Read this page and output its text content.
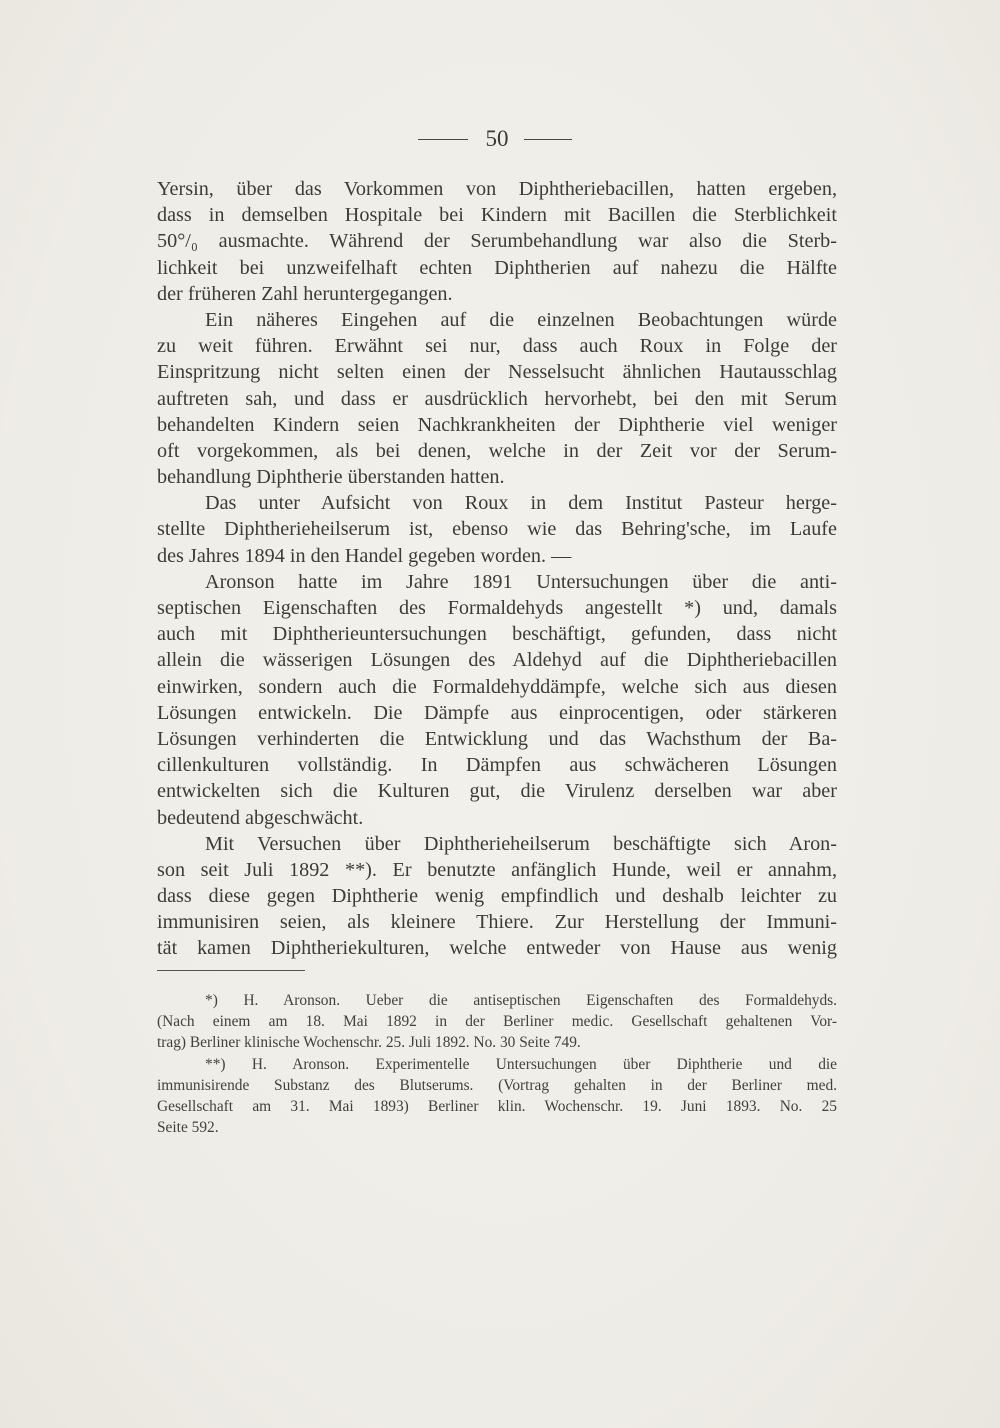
50
Yersin, über das Vorkommen von Diphtheriebacillen, hatten ergeben,
dass in demselben Hospitale bei Kindern mit Bacillen die Sterblichkeit
50°/₀ ausmachte. Während der Serumbehandlung war also die Sterb-
lichkeit bei unzweifelhaft echten Diphtherien auf nahezu die Hälfte
der früheren Zahl heruntergegangen.
Ein näheres Eingehen auf die einzelnen Beobachtungen würde
zu weit führen. Erwähnt sei nur, dass auch Roux in Folge der
Einspritzung nicht selten einen der Nesselsucht ähnlichen Hautausschlag
auftreten sah, und dass er ausdrücklich hervorhebt, bei den mit Serum
behandelten Kindern seien Nachkrankheiten der Diphtherie viel weniger
oft vorgekommen, als bei denen, welche in der Zeit vor der Serum-
behandlung Diphtherie überstanden hatten.
Das unter Aufsicht von Roux in dem Institut Pasteur herge-
stellte Diphtherieheilserum ist, ebenso wie das Behring'sche, im Laufe
des Jahres 1894 in den Handel gegeben worden. —
Aronson hatte im Jahre 1891 Untersuchungen über die anti-
septischen Eigenschaften des Formaldehyds angestellt *) und, damals
auch mit Diphtherieuntersuchungen beschäftigt, gefunden, dass nicht
allein die wässerigen Lösungen des Aldehyd auf die Diphtheriebacillen
einwirken, sondern auch die Formaldehyddämpfe, welche sich aus diesen
Lösungen entwickeln. Die Dämpfe aus einprocentigen, oder stärkeren
Lösungen verhinderten die Entwicklung und das Wachsthum der Ba-
cillenkulturen vollständig. In Dämpfen aus schwächeren Lösungen
entwickelten sich die Kulturen gut, die Virulenz derselben war aber
bedeutend abgeschwächt.
Mit Versuchen über Diphtherieheilserum beschäftigte sich Aron-
son seit Juli 1892 **). Er benutzte anfänglich Hunde, weil er annahm,
dass diese gegen Diphtherie wenig empfindlich und deshalb leichter zu
immunisiren seien, als kleinere Thiere. Zur Herstellung der Immuni-
tät kamen Diphtheriekulturen, welche entweder von Hause aus wenig
*) H. Aronson. Ueber die antiseptischen Eigenschaften des Formaldehyds.
(Nach einem am 18. Mai 1892 in der Berliner medic. Gesellschaft gehaltenen Vor-
trag) Berliner klinische Wochenschr. 25. Juli 1892. No. 30 Seite 749.
**) H. Aronson. Experimentelle Untersuchungen über Diphtherie und die
immunisirende Substanz des Blutserums. (Vortrag gehalten in der Berliner med.
Gesellschaft am 31. Mai 1893) Berliner klin. Wochenschr. 19. Juni 1893. No. 25
Seite 592.
